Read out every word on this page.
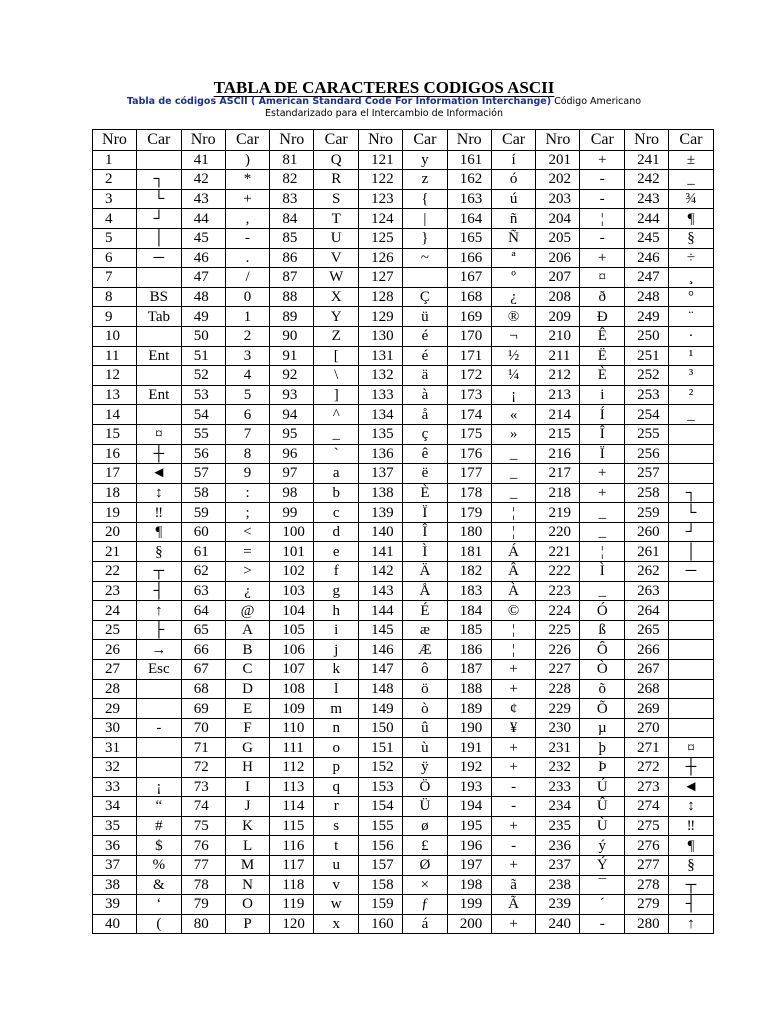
TABLA DE CARACTERES CODIGOS ASCII
Tabla de códigos ASCII ( American Standard Code For Information Interchange) Código Americano
Estandarizado para el Intercambio de Información
Nro	Car	Nro	Car	Nro	Car	Nro	Car	Nro	Car	Nro	Car	Nro	Car
1		41	)	81	Q	121	y	161	í	201	+	241	±
2	┐	42	*	82	R	122	z	162	ó	202	-	242	_
3	└	43	+	83	S	123	{	163	ú	203	-	243	¾
4	┘	44	,	84	T	124	|	164	ñ	204	¦	244	¶
5	│	45	-	85	U	125	}	165	Ñ	205	-	245	§
6	─	46	.	86	V	126	~	166	ª	206	+	246	÷
7		47	/	87	W	127		167	º	207	¤	247	¸
8	BS	48	0	88	X	128	Ç	168	¿	208	ð	248	°
9	Tab	49	1	89	Y	129	ü	169	®	209	Ð	249	¨
10		50	2	90	Z	130	é	170	¬	210	Ê	250	·
11	Ent	51	3	91	[	131	é	171	½	211	Ë	251	¹
12		52	4	92	\	132	ä	172	¼	212	È	252	³
13	Ent	53	5	93	]	133	à	173	¡	213	i	253	²
14		54	6	94	^	134	å	174	«	214	Í	254	_
15	¤	55	7	95	_	135	ç	175	»	215	Î	255	
16	┼	56	8	96	`	136	ê	176	_	216	Ï	256	
17	◄	57	9	97	a	137	ë	177	_	217	+	257	
18	↕	58	:	98	b	138	È	178	_	218	+	258	┐
19	‼	59	;	99	c	139	Ï	179	¦	219	_	259	└
20	¶	60	<	100	d	140	Î	180	¦	220	_	260	┘
21	§	61	=	101	e	141	Ì	181	Á	221	¦	261	│
22	┬	62	>	102	f	142	Ä	182	Â	222	Ì	262	─
23	┤	63	¿	103	g	143	Å	183	À	223	_	263	
24	↑	64	@	104	h	144	É	184	©	224	Ó	264	
25	├	65	A	105	i	145	æ	185	¦	225	ß	265	
26	→	66	B	106	j	146	Æ	186	¦	226	Ô	266	
27	Esc	67	C	107	k	147	ô	187	+	227	Ò	267	
28		68	D	108	l	148	ö	188	+	228	õ	268	
29		69	E	109	m	149	ò	189	¢	229	Õ	269	
30	-	70	F	110	n	150	û	190	¥	230	µ	270	
31		71	G	111	o	151	ù	191	+	231	þ	271	¤
32		72	H	112	p	152	ÿ	192	+	232	Þ	272	┼
33	¡	73	I	113	q	153	Ö	193	-	233	Ú	273	◄
34	“	74	J	114	r	154	Ü	194	-	234	Û	274	↕
35	#	75	K	115	s	155	ø	195	+	235	Ù	275	‼
36	$	76	L	116	t	156	£	196	-	236	ý	276	¶
37	%	77	M	117	u	157	Ø	197	+	237	Ý	277	§
38	&	78	N	118	v	158	×	198	ã	238	¯	278	┬
39	‘	79	O	119	w	159	ƒ	199	Ã	239	´	279	┤
40	(	80	P	120	x	160	á	200	+	240	-	280	↑
